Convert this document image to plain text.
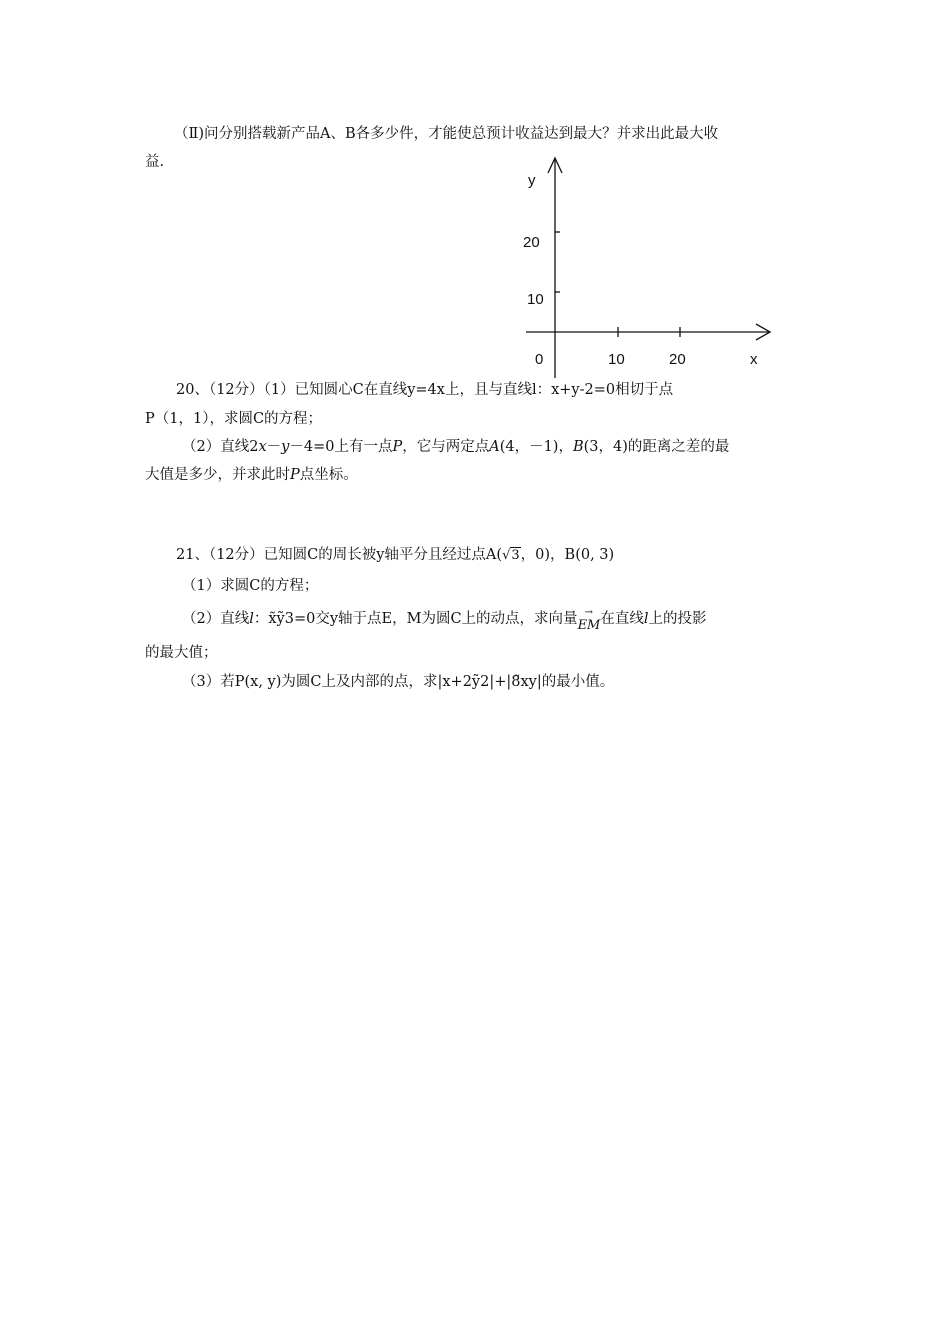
（Ⅱ)问分别搭载新产品A、B各多少件，才能使总预计收益达到最大？并求出此最大收
益.
y
20
10
0	10	20	x
20、（12分）（1）已知圆心C在直线y=4x上，且与直线l：x+y-2=0相切于点
P（1，1），求圆C的方程；
（2）直线2x－y－4=0上有一点P，它与两定点A(4，－1)，B(3，4)的距离之差的最
大值是多少，并求此时P点坐标。
21、（12分）已知圆C的周长被y轴平分且经过点A(√3，0)，B(0, 3)
（1）求圆C的方程；
（2）直线l：x̃ỹ3=0交y轴于点E，M为圆C上的动点，求向量 →
EM在直线l上的投影
的最大值；
（3）若P(x, y)为圆C上及内部的点，求|x+2ỹ2|+|8̃xy|的最小值。
